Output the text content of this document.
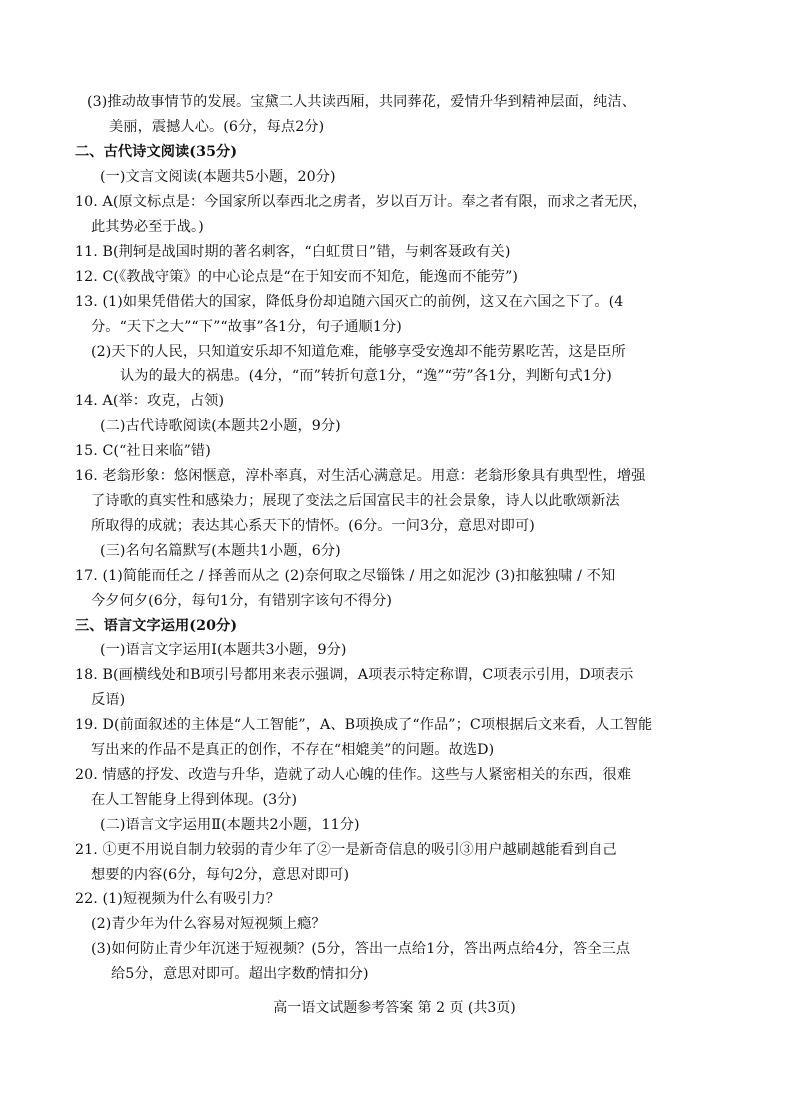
(3)推动故事情节的发展。宝黛二人共读西厢，共同葬花，爱情升华到精神层面，纯洁、
美丽，震撼人心。(6分，每点2分)
二、古代诗文阅读(35分)
(一)文言文阅读(本题共5小题，20分)
10. A(原文标点是：今国家所以奉西北之虏者，岁以百万计。奉之者有限，而求之者无厌，
此其势必至于战。)
11. B(荆轲是战国时期的著名刺客，“白虹贯日”错，与刺客聂政有关)
12. C(《教战守策》的中心论点是“在于知安而不知危，能逸而不能劳”)
13. (1)如果凭借偌大的国家，降低身份却追随六国灭亡的前例，这又在六国之下了。(4
分。“天下之大”“下”“故事”各1分，句子通顺1分)
(2)天下的人民，只知道安乐却不知道危难，能够享受安逸却不能劳累吃苦，这是臣所
认为的最大的祸患。(4分，“而”转折句意1分，“逸”“劳”各1分，判断句式1分)
14. A(举：攻克，占领)
(二)古代诗歌阅读(本题共2小题，9分)
15. C(“社日来临”错)
16. 老翁形象：悠闲惬意，淳朴率真，对生活心满意足。用意：老翁形象具有典型性，增强
了诗歌的真实性和感染力；展现了变法之后国富民丰的社会景象，诗人以此歌颂新法
所取得的成就；表达其心系天下的情怀。(6分。一问3分，意思对即可)
(三)名句名篇默写(本题共1小题，6分)
17. (1)简能而任之 / 择善而从之 (2)奈何取之尽锱铢 / 用之如泥沙 (3)扣舷独啸 / 不知
今夕何夕(6分，每句1分，有错别字该句不得分)
三、语言文字运用(20分)
(一)语言文字运用Ⅰ(本题共3小题，9分)
18. B(画横线处和B项引号都用来表示强调，A项表示特定称谓，C项表示引用，D项表示
反语)
19. D(前面叙述的主体是“人工智能”，A、B项换成了“作品”；C项根据后文来看，人工智能
写出来的作品不是真正的创作，不存在“相媲美”的问题。故选D)
20. 情感的抒发、改造与升华，造就了动人心魄的佳作。这些与人紧密相关的东西，很难
在人工智能身上得到体现。(3分)
(二)语言文字运用Ⅱ(本题共2小题，11分)
21. ①更不用说自制力较弱的青少年了②一是新奇信息的吸引③用户越刷越能看到自己
想要的内容(6分，每句2分，意思对即可)
22. (1)短视频为什么有吸引力？
(2)青少年为什么容易对短视频上瘾？
(3)如何防止青少年沉迷于短视频？(5分，答出一点给1分，答出两点给4分，答全三点
给5分，意思对即可。超出字数酌情扣分)
高一语文试题参考答案 第 2 页 (共3页)
